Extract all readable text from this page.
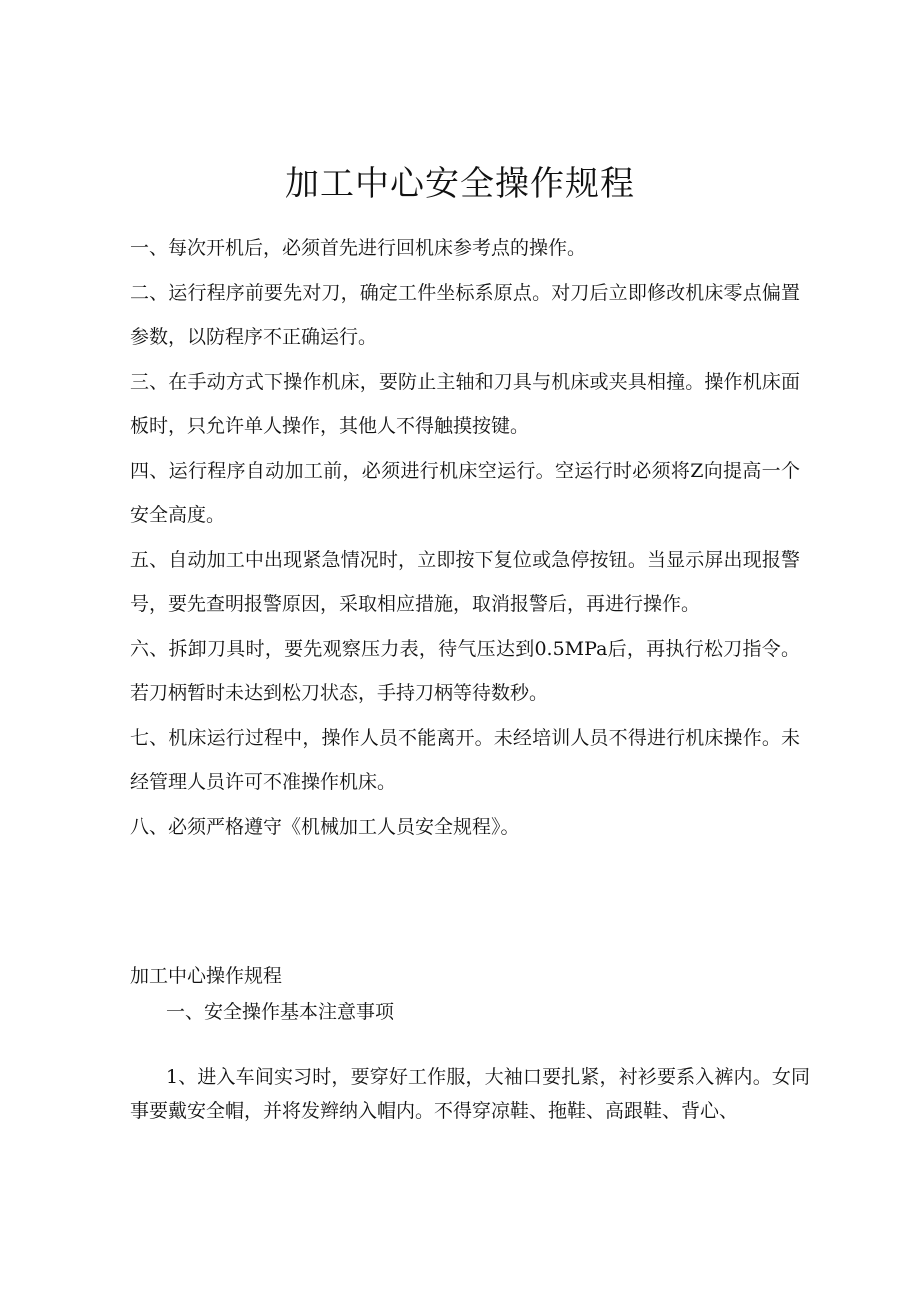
加工中心安全操作规程
一、每次开机后，必须首先进行回机床参考点的操作。
二、运行程序前要先对刀，确定工件坐标系原点。对刀后立即修改机床零点偏置参数，以防程序不正确运行。
三、在手动方式下操作机床，要防止主轴和刀具与机床或夹具相撞。操作机床面板时，只允许单人操作，其他人不得触摸按键。
四、运行程序自动加工前，必须进行机床空运行。空运行时必须将Z向提高一个安全高度。
五、自动加工中出现紧急情况时，立即按下复位或急停按钮。当显示屏出现报警号，要先查明报警原因，采取相应措施，取消报警后，再进行操作。
六、拆卸刀具时，要先观察压力表，待气压达到0.5MPa后，再执行松刀指令。若刀柄暂时未达到松刀状态，手持刀柄等待数秒。
七、机床运行过程中，操作人员不能离开。未经培训人员不得进行机床操作。未经管理人员许可不准操作机床。
八、必须严格遵守《机械加工人员安全规程》。

加工中心操作规程

一、安全操作基本注意事项

1、进入车间实习时，要穿好工作服，大袖口要扎紧，衬衫要系入裤内。女同事要戴安全帽，并将发辫纳入帽内。不得穿凉鞋、拖鞋、高跟鞋、背心、
